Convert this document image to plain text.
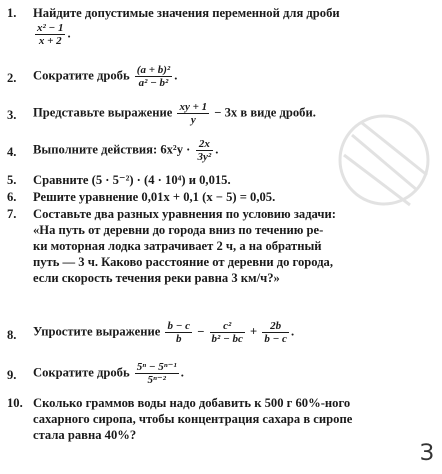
1.	Найдите допустимые значения переменной для дроби
$\frac{\text{x² − 1}}{x + 2}$ .
2.	Сократите дробь $\frac{\text{(a + b)²}}{\text{a² − b²}}$ .
3.	Представьте выражение $\frac{xy + 1}{y} - 3x$ в виде дроби.
4.	Выполните действия: $6x^2y \cdot \frac{2x}{\text{3y²}}$ .
5.	Сравните (5 · 5⁻²) · (4 · 10⁴) и 0,015.
6.	Решите уравнение 0,01x + 0,1 (x − 5) = 0,05.
7.	Составьте два разных уравнения по условию задачи:
«На путь от деревни до города вниз по течению ре-
ки моторная лодка затрачивает 2 ч, а на обратный
путь — 3 ч. Каково расстояние от деревни до города,
если скорость течения реки равна 3 км/ч?»
8.	Упростите выражение $\frac{b - c}{b} - \frac{\text{c²}}{\text{b² − bc}} + \frac{2b}{b - c}$ .
9.	Сократите дробь $\frac{\text{5ⁿ − 5ⁿ⁻¹}}{\text{5ⁿ⁻²}}$ .
10. Сколько граммов воды надо добавить к 500 г 60%-ного
сахарного сиропа, чтобы концентрация сахара в сиропе
стала равна 40%?
З
